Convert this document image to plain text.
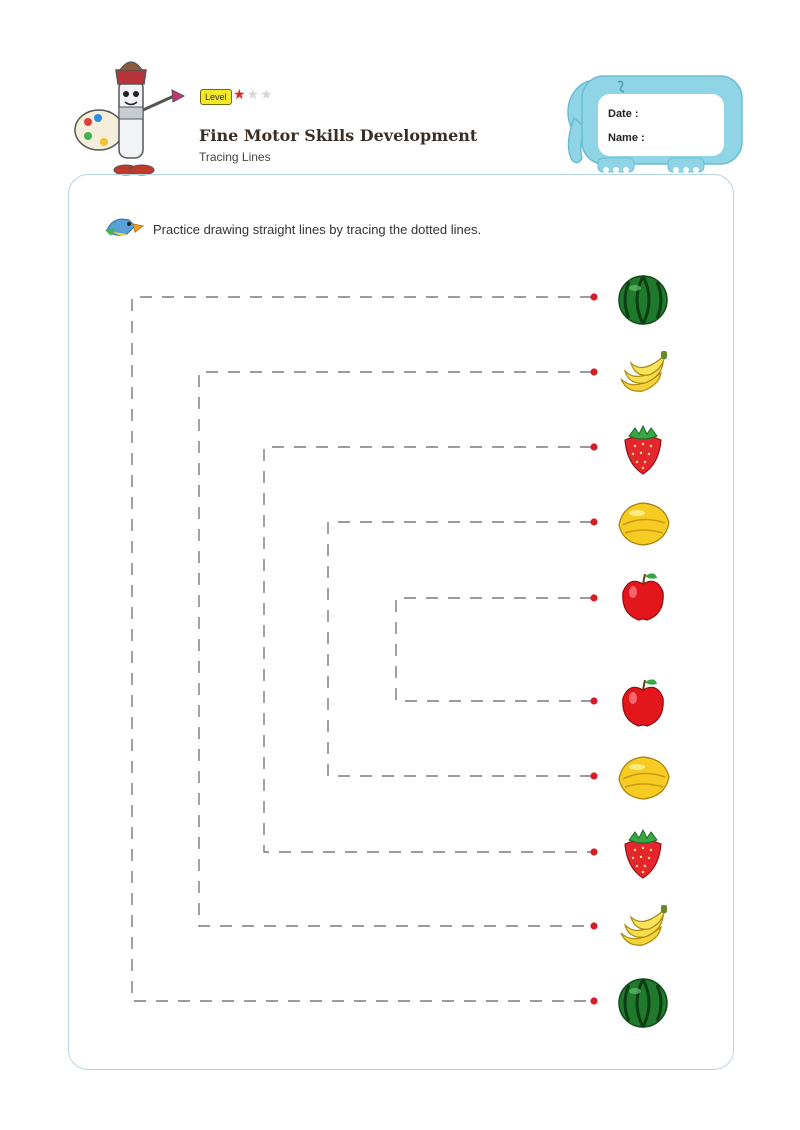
Level ★★★
Fine Motor Skills Development
Tracing Lines
Date :
Name :
Practice drawing straight lines by tracing the dotted lines.
